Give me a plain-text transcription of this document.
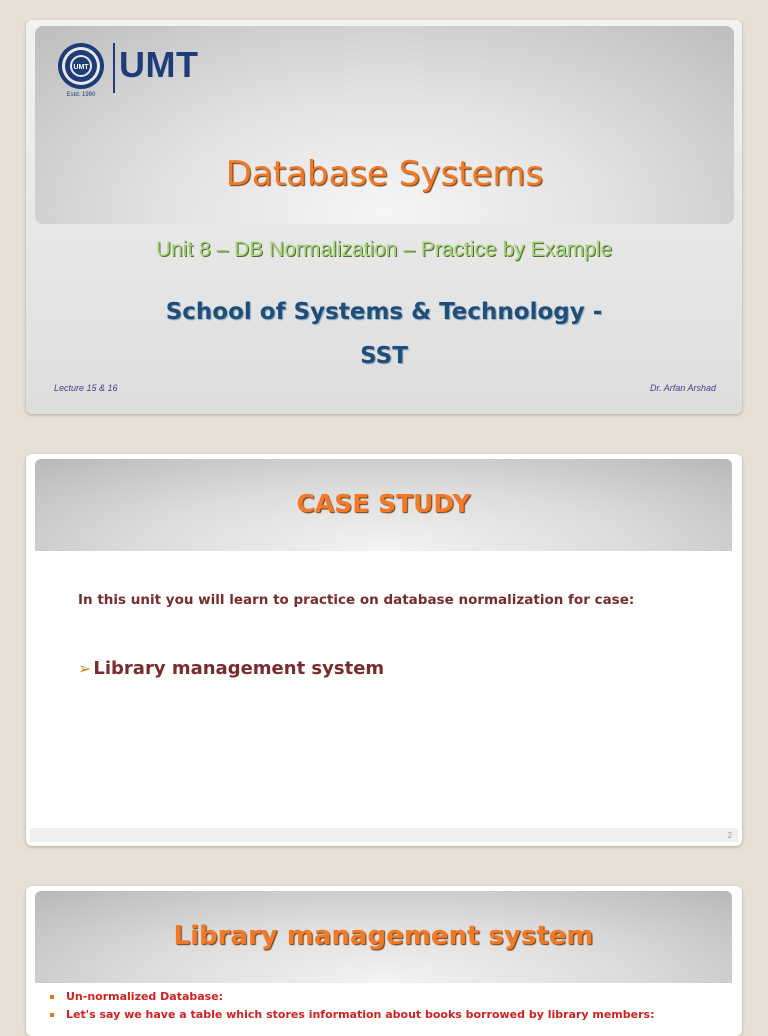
UMT
Estd. 1990
UMT
Database Systems
Unit 8 – DB Normalization – Practice by Example
School of Systems & Technology -
SST
Lecture 15 & 16	Dr. Arfan Arshad
CASE STUDY
In this unit you will learn to practice on database normalization for case:
➢ Library management system
2
Library management system
Un-normalized Database:
Let's say we have a table which stores information about books borrowed by library members:
